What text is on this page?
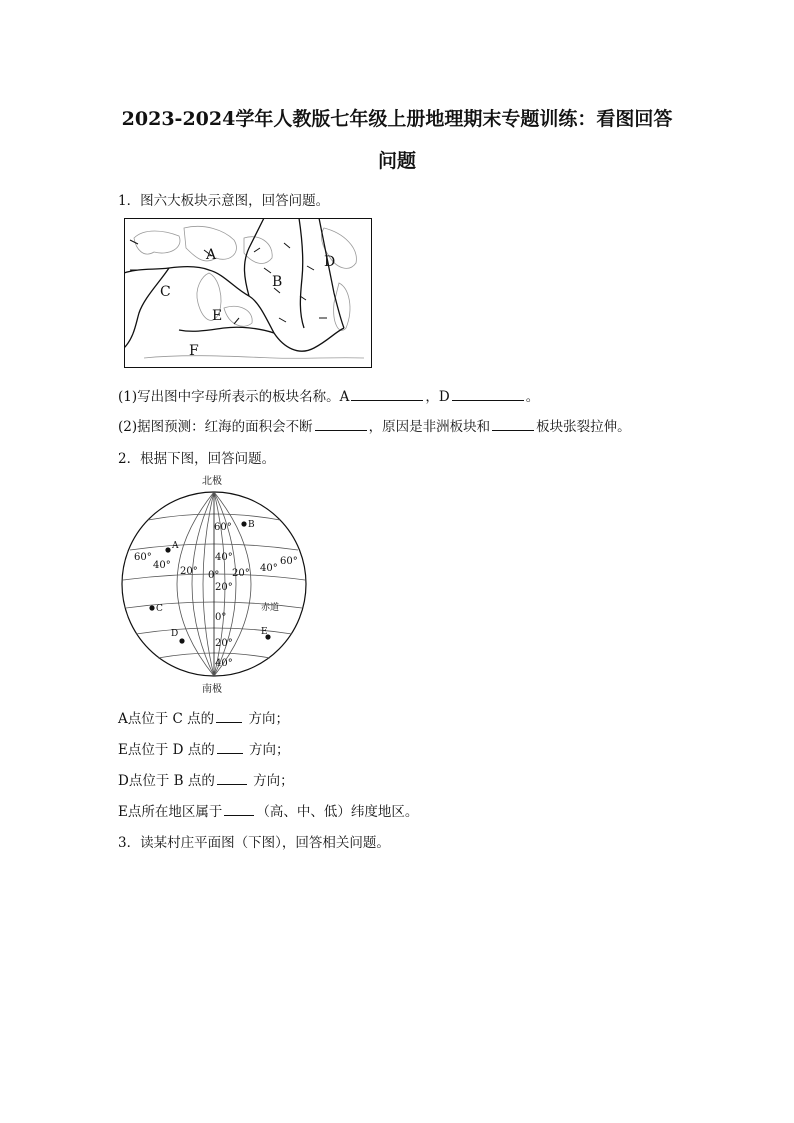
2023-2024学年人教版七年级上册地理期末专题训练：看图回答
问题
1．图六大板块示意图，回答问题。
A
B
C
D
E
F
(1)写出图中字母所表示的板块名称。A	，D	。
(2)据图预测：红海的面积会不断	，原因是非洲板块和	板块张裂拉伸。
2．根据下图，回答问题。
北极
南极
赤道
60°
40°
20° 0° 20° 40°
60°
60°
40°
20°
0°
20°
40°
A
B
C
D	E
A点位于 C 点的 方向；
E点位于 D 点的 方向；
D点位于 B 点的	方向；
E点所在地区属于	（高、中、低）纬度地区。
3．读某村庄平面图（下图），回答相关问题。
